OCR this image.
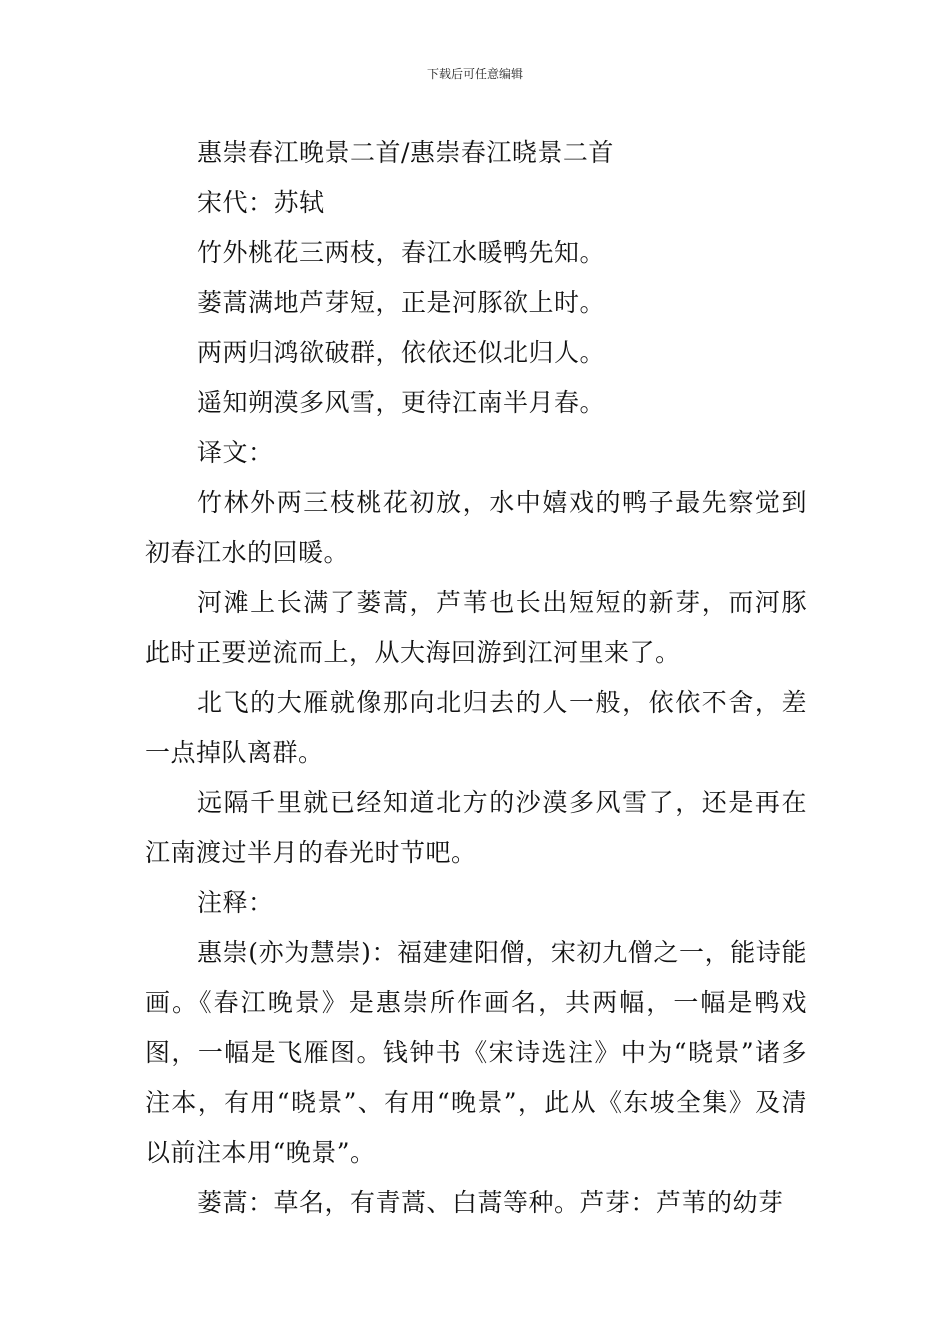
下载后可任意编辑

惠崇春江晚景二首/惠崇春江晓景二首

宋代：苏轼

竹外桃花三两枝，春江水暖鸭先知。

蒌蒿满地芦芽短，正是河豚欲上时。

两两归鸿欲破群，依依还似北归人。

遥知朔漠多风雪，更待江南半月春。

译文：

竹林外两三枝桃花初放，水中嬉戏的鸭子最先察觉到初春江水的回暖。

河滩上长满了蒌蒿，芦苇也长出短短的新芽，而河豚此时正要逆流而上，从大海回游到江河里来了。

北飞的大雁就像那向北归去的人一般，依依不舍，差一点掉队离群。

远隔千里就已经知道北方的沙漠多风雪了，还是再在江南渡过半月的春光时节吧。

注释：

惠崇(亦为慧崇)：福建建阳僧，宋初九僧之一，能诗能画。《春江晚景》是惠崇所作画名，共两幅，一幅是鸭戏图，一幅是飞雁图。钱钟书《宋诗选注》中为“晓景”诸多注本，有用“晓景”、有用“晚景”，此从《东坡全集》及清以前注本用“晚景”。

蒌蒿：草名，有青蒿、白蒿等种。芦芽：芦苇的幼芽
